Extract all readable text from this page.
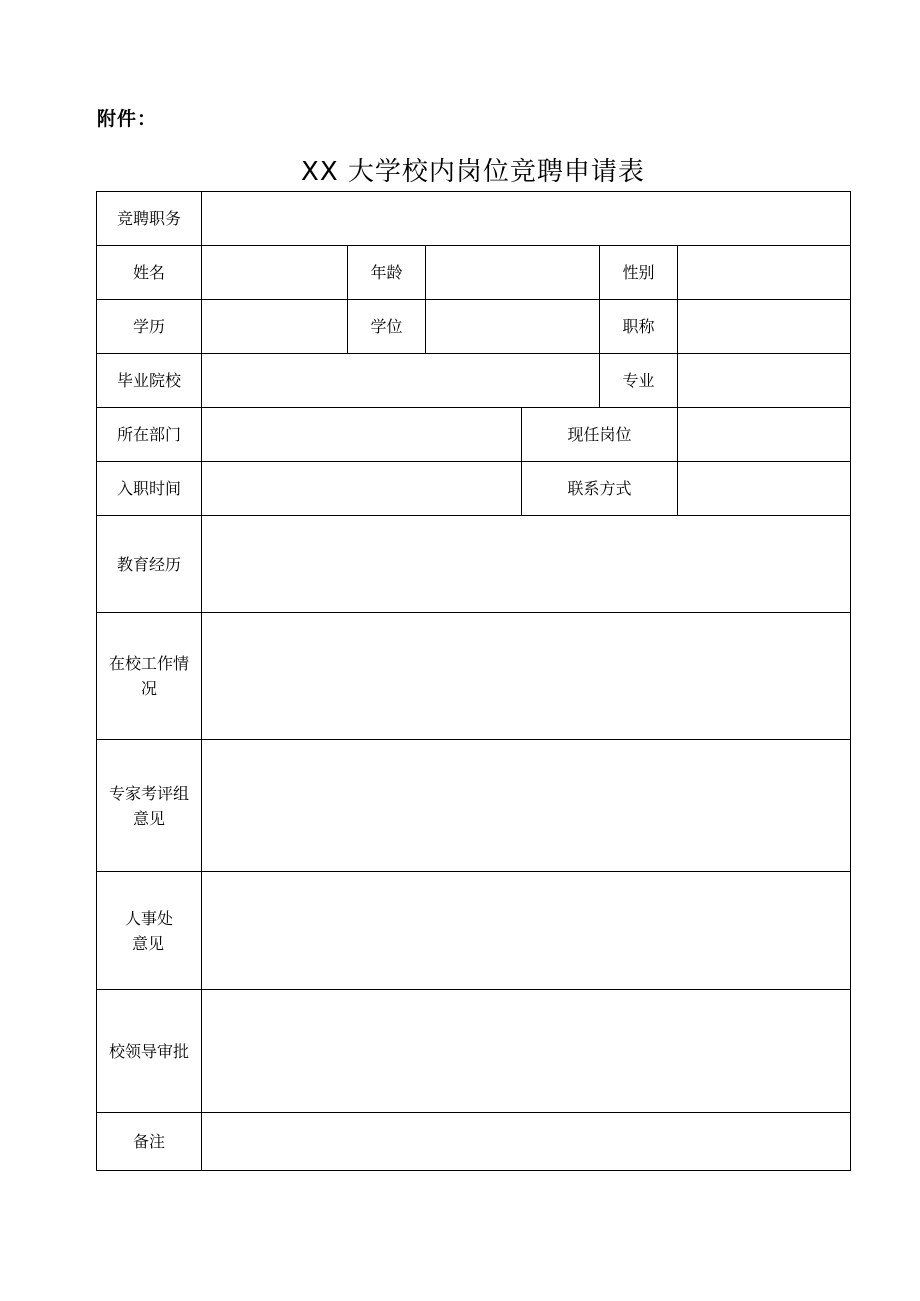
附件：
XX 大学校内岗位竞聘申请表
竞聘职务						
姓名		年龄			性别	
学历		学位			职称	
毕业院校					专业	
所在部门				现任岗位		
入职时间				联系方式		
教育经历						

在校工作情
况						

专家考评组
意见						

人事处
意见						

校领导审批						
备注						
